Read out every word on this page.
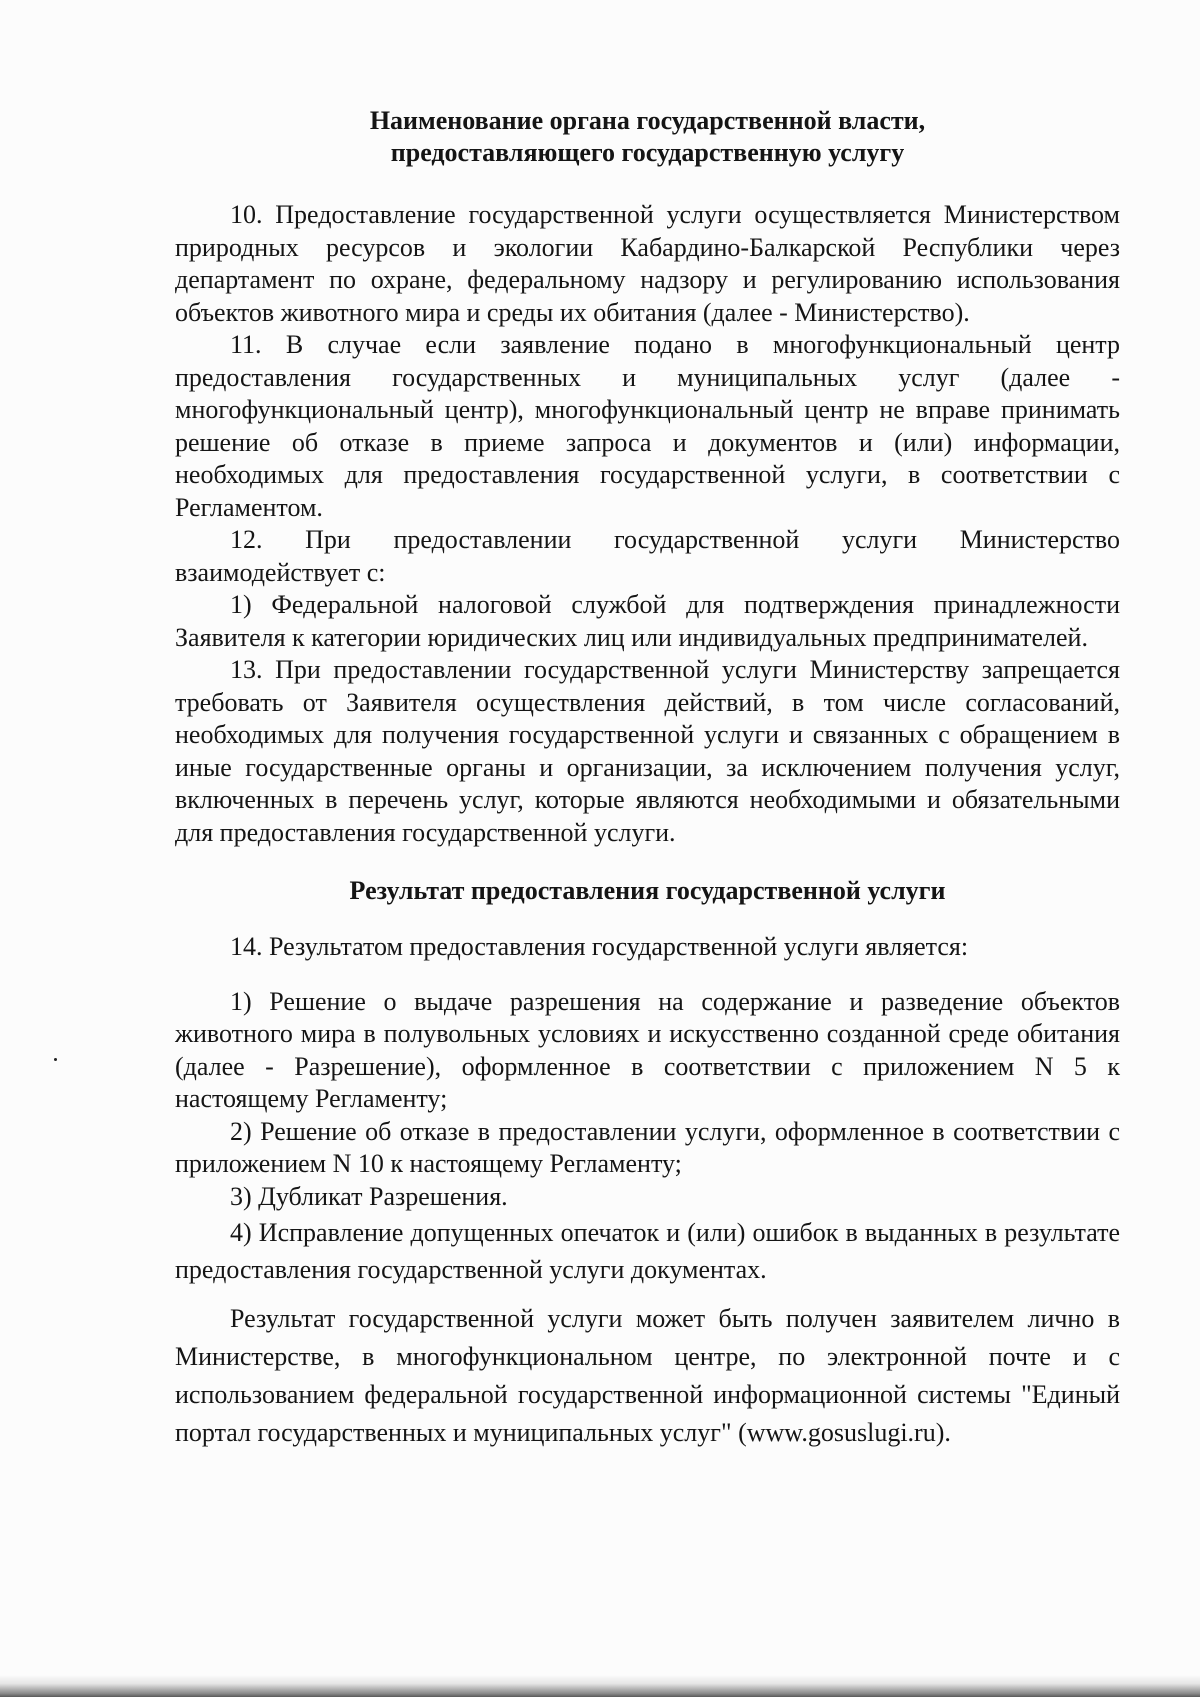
Наименование органа государственной власти,
предоставляющего государственную услугу

10. Предоставление государственной услуги осуществляется Министерством природных ресурсов и экологии Кабардино-Балкарской Республики через департамент по охране, федеральному надзору и регулированию использования объектов животного мира и среды их обитания (далее - Министерство).

11. В случае если заявление подано в многофункциональный центр предоставления государственных и муниципальных услуг (далее - многофункциональный центр), многофункциональный центр не вправе принимать решение об отказе в приеме запроса и документов и (или) информации, необходимых для предоставления государственной услуги, в соответствии с Регламентом.

12. При предоставлении государственной услуги Министерство взаимодействует с:

1) Федеральной налоговой службой для подтверждения принадлежности Заявителя к категории юридических лиц или индивидуальных предпринимателей.

13. При предоставлении государственной услуги Министерству запрещается требовать от Заявителя осуществления действий, в том числе согласований, необходимых для получения государственной услуги и связанных с обращением в иные государственные органы и организации, за исключением получения услуг, включенных в перечень услуг, которые являются необходимыми и обязательными для предоставления государственной услуги.

Результат предоставления государственной услуги

14. Результатом предоставления государственной услуги является:

1) Решение о выдаче разрешения на содержание и разведение объектов животного мира в полувольных условиях и искусственно созданной среде обитания (далее - Разрешение), оформленное в соответствии с приложением N 5 к настоящему Регламенту;

2) Решение об отказе в предоставлении услуги, оформленное в соответствии с приложением N 10 к настоящему Регламенту;

3) Дубликат Разрешения.

4) Исправление допущенных опечаток и (или) ошибок в выданных в результате предоставления государственной услуги документах.

Результат государственной услуги может быть получен заявителем лично в Министерстве, в многофункциональном центре, по электронной почте и с использованием федеральной государственной информационной системы "Единый портал государственных и муниципальных услуг" (www.gosuslugi.ru).
